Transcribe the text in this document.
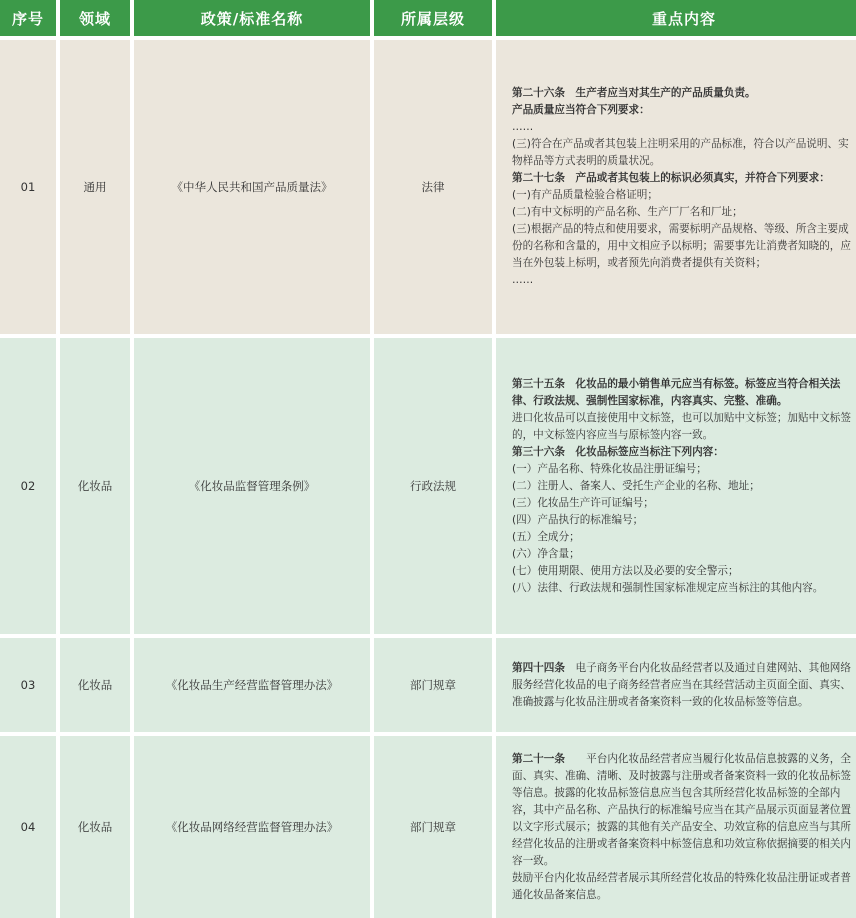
序号	领域	政策/标准名称	所属层级	重点内容
01	通用	《中华人民共和国产品质量法》	法律

第二十六条　生产者应当对其生产的产品质量负责。

产品质量应当符合下列要求：

……

(三)符合在产品或者其包装上注明采用的产品标准，符合以产品说明、实物样品等方式表明的质量状况。

第二十七条　产品或者其包装上的标识必须真实，并符合下列要求：

(一)有产品质量检验合格证明；

(二)有中文标明的产品名称、生产厂厂名和厂址；

(三)根据产品的特点和使用要求，需要标明产品规格、等级、所含主要成份的名称和含量的，用中文相应予以标明；需要事先让消费者知晓的，应当在外包装上标明，或者预先向消费者提供有关资料；

……

02	化妆品	《化妆品监督管理条例》	行政法规

第三十五条　化妆品的最小销售单元应当有标签。标签应当符合相关法律、行政法规、强制性国家标准，内容真实、完整、准确。

进口化妆品可以直接使用中文标签，也可以加贴中文标签；加贴中文标签的，中文标签内容应当与原标签内容一致。

第三十六条　化妆品标签应当标注下列内容：

(一）产品名称、特殊化妆品注册证编号；

(二）注册人、备案人、受托生产企业的名称、地址；

(三）化妆品生产许可证编号；

(四）产品执行的标准编号；

(五）全成分；

(六）净含量；

(七）使用期限、使用方法以及必要的安全警示；

(八）法律、行政法规和强制性国家标准规定应当标注的其他内容。

03	化妆品	《化妆品生产经营监督管理办法》	部门规章

第四十四条　电子商务平台内化妆品经营者以及通过自建网站、其他网络服务经营化妆品的电子商务经营者应当在其经营活动主页面全面、真实、准确披露与化妆品注册或者备案资料一致的化妆品标签等信息。

04	化妆品	《化妆品网络经营监督管理办法》	部门规章

第二十一条　　平台内化妆品经营者应当履行化妆品信息披露的义务，全面、真实、准确、清晰、及时披露与注册或者备案资料一致的化妆品标签等信息。披露的化妆品标签信息应当包含其所经营化妆品标签的全部内容，其中产品名称、产品执行的标准编号应当在其产品展示页面显著位置以文字形式展示；披露的其他有关产品安全、功效宣称的信息应当与其所经营化妆品的注册或者备案资料中标签信息和功效宣称依据摘要的相关内容一致。

鼓励平台内化妆品经营者展示其所经营化妆品的特殊化妆品注册证或者普通化妆品备案信息。
